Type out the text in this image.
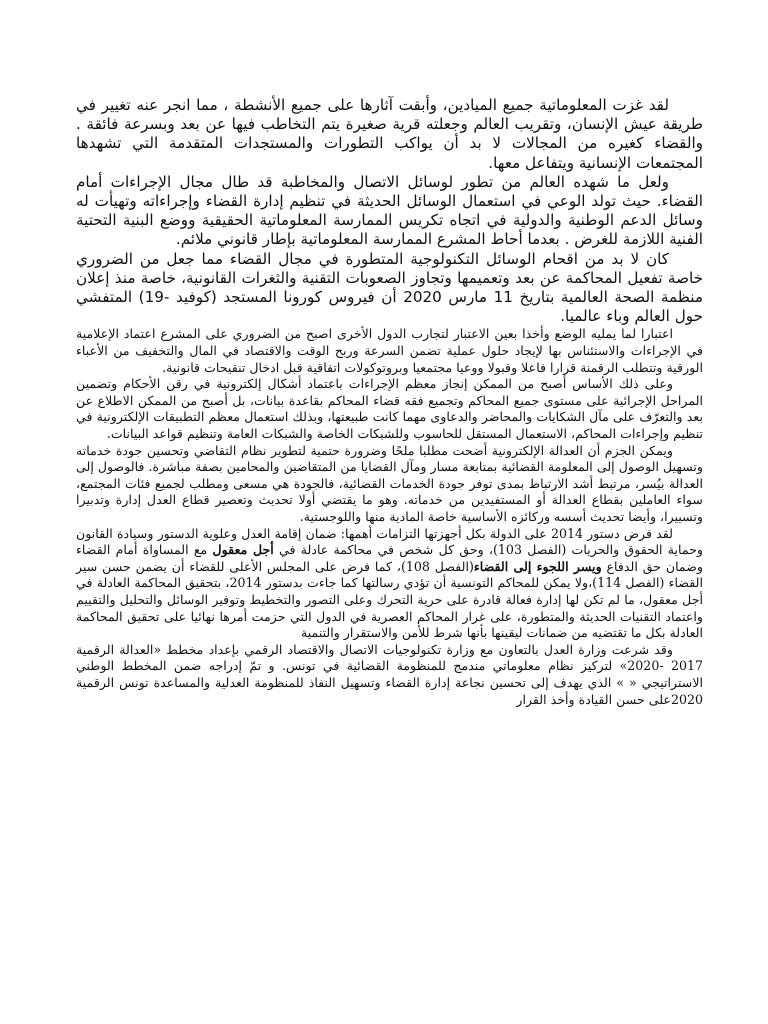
لقد غزت المعلوماتية جميع الميادين، وأبقت آثارها على جميع الأنشطة ، مما انجر عنه تغيير في طريقة عيش الإنسان، وتقريب العالم وجعلته قرية صغيرة يتم التخاطب فيها عن بعد وبسرعة فائقة . والقضاء كغيره من المجالات لا بد أن يواكب التطورات والمستجدات المتقدمة التي تشهدها المجتمعات الإنسانية ويتفاعل معها.

ولعل ما شهده العالم من تطور لوسائل الاتصال والمخاطبة قد طال مجال الإجراءات أمام القضاء. حيث تولد الوعي في استعمال الوسائل الحديثة في تنظيم إدارة القضاء وإجراءاته وتهيأت له وسائل الدعم الوطنية والدولية في اتجاه تكريس الممارسة المعلوماتية الحقيقية ووضع البنية التحتية الفنية اللازمة للغرض . بعدما أحاط المشرع الممارسة المعلوماتية بإطار قانوني ملائم.

كان لا بد من اقحام الوسائل التكنولوجية المتطورة في مجال القضاء مما جعل من الضروري خاصة تفعيل المحاكمة عن بعد وتعميمها وتجاوز الصعوبات التقنية والثغرات القانونية، خاصة منذ إعلان منظمة الصحة العالمية بتاريخ 11 مارس 2020 أن فيروس كورونا المستجد (كوفيد -19) المتفشي حول العالم وباء عالميا.

اعتبارا لما يمليه الوضع وأخذا بعين الاعتبار لتجارب الدول الأخرى اصبح من الضروري على المشرع اعتماد الإعلامية في الإجراءات والاستئناس بها لإيجاد حلول عملية تضمن السرعة وربح الوقت والاقتصاد في المال والتخفيف من الأعباء الورقية وتتطلب الرقمنة قرارا فاعلا وقبولا ووعيا مجتمعيا وبروتوكولات اتفاقية قبل ادخال تنقيحات قانونية.

وعلى ذلك الأساس أصبح من الممكن إنجاز معظم الإجراءات باعتماد أشكال إلكترونية في رقن الأحكام وتضمين المراحل الإجرائية على مستوى جميع المحاكم وتجميع فقه قضاء المحاكم بقاعدة بيانات، بل أصبح من الممكن الاطلاع عن بعد والتعرّف على مآل الشكايات والمحاضر والدعاوى مهما كانت طبيعتها، وبذلك استعمال معظم التطبيقات الإلكترونية في تنظيم وإجراءات المحاكم، الاستعمال المستقل للحاسوب وللشبكات الخاصة والشبكات العامة وتنظيم قواعد البيانات.

ويمكن الجزم أن العدالة الإلكترونية أضحت مطلبا ملحًا وضرورة حتمية لتطوير نظام التقاضي وتحسين جودة خدماته وتسهيل الوصول إلى المعلومة القضائية بمتابعة مسار ومآل القضايا من المتقاضين والمحامين بصفة مباشرة. فالوصول إلى العدالة بيُسر، مرتبط أشد الارتباط بمدى توفر جودة الخدمات القضائية، فالجودة هي مسعى ومطلب لجميع فئات المجتمع، سواء العاملين بقطاع العدالة أو المستفيدين من خدماته. وهو ما يقتضي أولا تحديث وتعصير قطاع العدل إدارة وتدبيرا وتسييرا، وأيضا تحديث أسسه وركائزه الأساسية خاصة المادية منها واللوجستية.

لقد فرض دستور 2014 على الدولة بكل أجهزتها التزامات أهمها: ضمان إقامة العدل وعلوية الدستور وسيادة القانون وحماية الحقوق والحريات (الفصل 103)، وحق كل شخص في محاكمة عادلة في أجل معقول مع المساواة أمام القضاء وضمان حق الدفاع ويسر اللجوء إلى القضاء(الفصل 108)، كما فرض على المجلس الأعلى للقضاء أن يضمن حسن سير القضاء (الفصل 114)،ولا يمكن للمحاكم التونسية أن تؤدي رسالتها كما جاءت بدستور 2014، بتحقيق المحاكمة العادلة في أجل معقول، ما لم تكن لها إدارة فعالة قادرة على حرية التحرك وعلى التصور والتخطيط وتوفير الوسائل والتحليل والتقييم واعتماد التقنيات الحديثة والمتطورة، على غرار المحاكم العصرية في الدول التي حزمت أمرها نهائيا على تحقيق المحاكمة العادلة بكل ما تقتضيه من ضمانات ليقينها بأنها شرط للأمن والاستقرار والتنمية

وقد شرعت وزارة العدل بالتعاون مع وزارة تكنولوجيات الاتصال والاقتصاد الرقمي بإعداد مخطط «العدالة الرقمية 2017 -2020» لتركيز نظام معلوماتي مندمج للمنظومة القضائية في تونس. و تمّ إدراجه ضمن المخطط الوطني الاستراتيجي « » الذي يهدف إلى تحسين نجاعة إدارة القضاء وتسهيل النفاذ للمنظومة العدلية والمساعدة تونس الرقمية 2020على حسن القيادة وأخذ القرار
